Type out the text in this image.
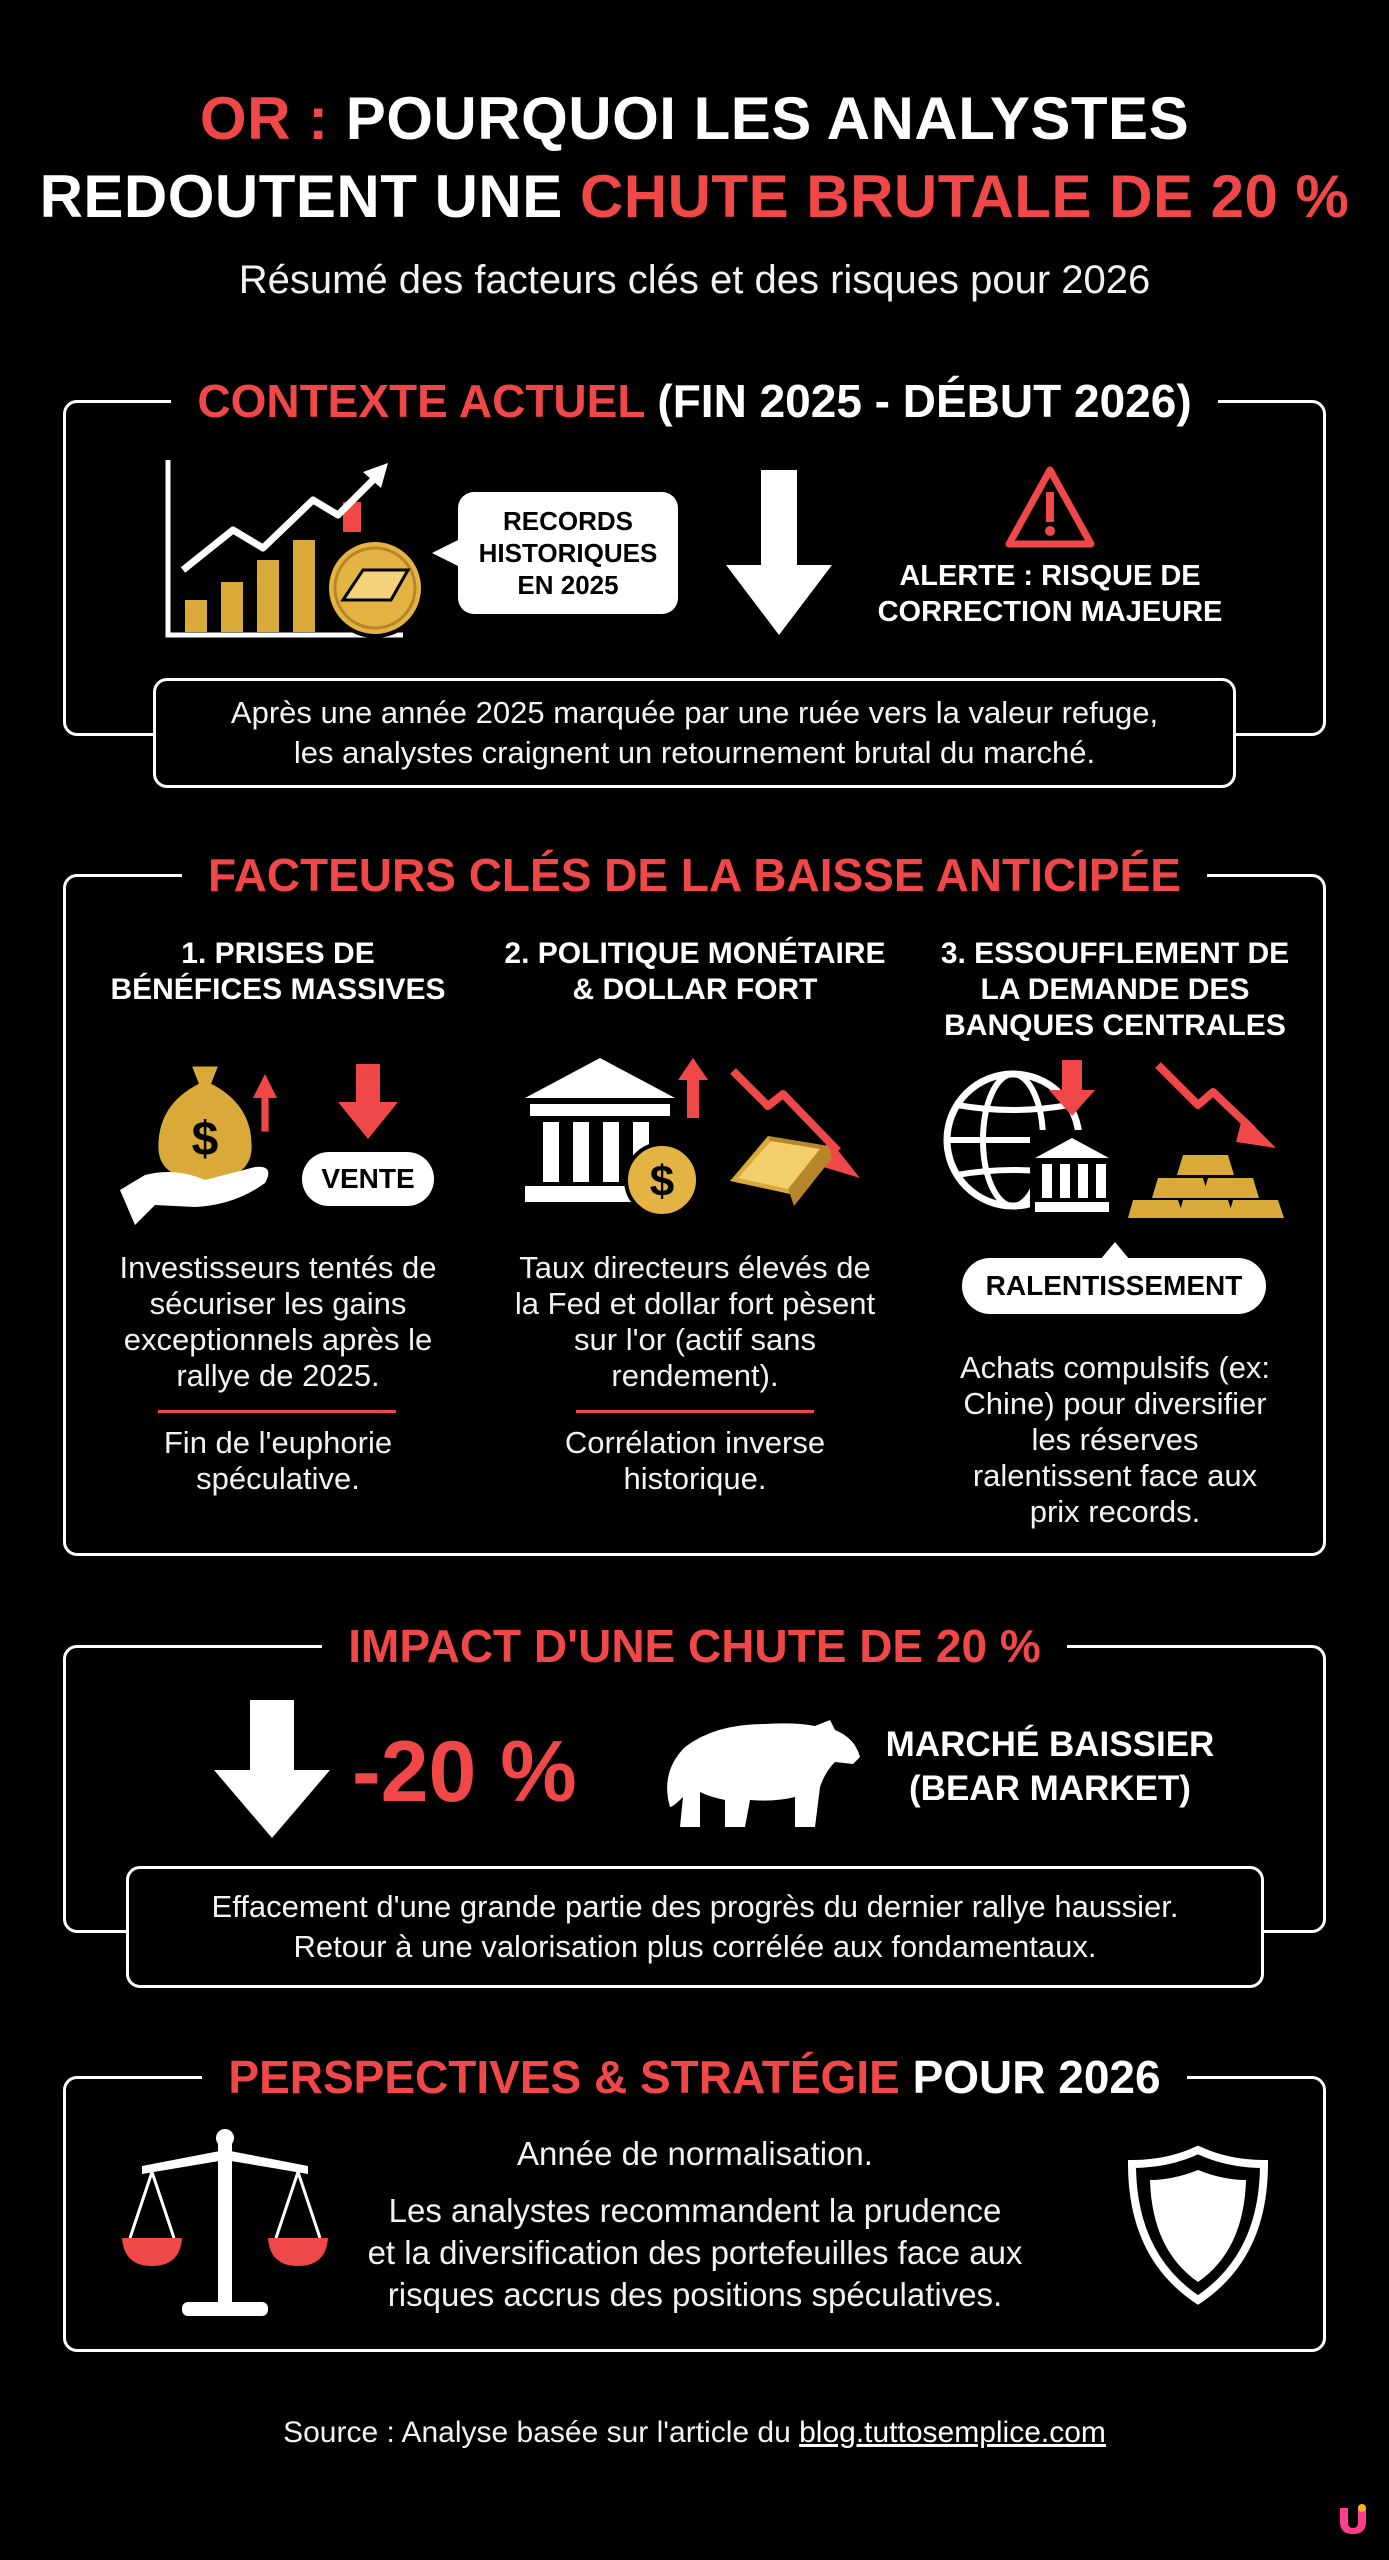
OR : POURQUOI LES ANALYSTES
REDOUTENT UNE CHUTE BRUTALE DE 20 %
Résumé des facteurs clés et des risques pour 2026
CONTEXTE ACTUEL (FIN 2025 - DÉBUT 2026)
RECORDS
HISTORIQUES
EN 2025	ALERTE : RISQUE DE
CORRECTION MAJEURE
Après une année 2025 marquée par une ruée vers la valeur refuge,
les analystes craignent un retournement brutal du marché.
FACTEURS CLÉS DE LA BAISSE ANTICIPÉE
1. PRISES DE
BÉNÉFICES MASSIVES
$
VENTE
Investisseurs tentés de
sécuriser les gains
exceptionnels après le
rallye de 2025.
Fin de l'euphorie
spéculative.
2. POLITIQUE MONÉTAIRE
& DOLLAR FORT
$
Taux directeurs élevés de
la Fed et dollar fort pèsent
sur l'or (actif sans
rendement).
Corrélation inverse
historique.
3. ESSOUFFLEMENT DE
LA DEMANDE DES
BANQUES CENTRALES
RALENTISSEMENT
Achats compulsifs (ex:
Chine) pour diversifier
les réserves
ralentissent face aux
prix records.
IMPACT D'UNE CHUTE DE 20 %
-20 %	MARCHÉ BAISSIER
(BEAR MARKET)
Effacement d'une grande partie des progrès du dernier rallye haussier.
Retour à une valorisation plus corrélée aux fondamentaux.
PERSPECTIVES & STRATÉGIE POUR 2026
Année de normalisation.
Les analystes recommandent la prudence
et la diversification des portefeuilles face aux
risques accrus des positions spéculatives.
Source : Analyse basée sur l'article du blog.tuttosemplice.com
